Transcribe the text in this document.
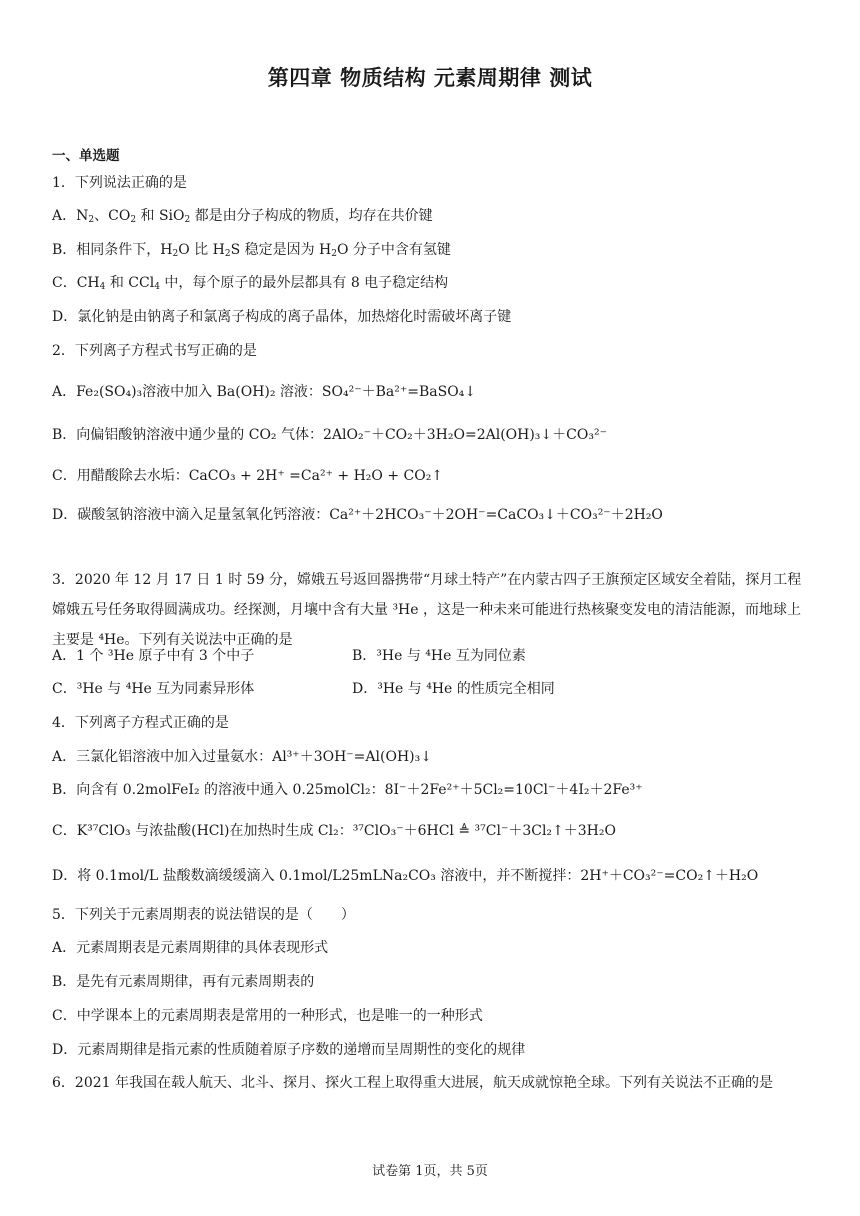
第四章 物质结构 元素周期律 测试
一、单选题
1．下列说法正确的是
A．$N_2$、$CO_2$ 和 SiO$_2$ 都是由分子构成的物质，均存在共价键
B．相同条件下，$H_2O$ 比 $H_2S$ 稳定是因为 $H_2O$ 分子中含有氢键
C．$CH_4$ 和 CCl$_4$ 中，每个原子的最外层都具有 8 电子稳定结构
D．氯化钠是由钠离子和氯离子构成的离子晶体，加热熔化时需破坏离子键
2．下列离子方程式书写正确的是
A．Fe₂(SO₄)₃溶液中加入 Ba(OH)₂ 溶液：SO₄²⁻＋Ba²⁺=BaSO₄↓
B．向偏铝酸钠溶液中通少量的 CO₂ 气体：2AlO₂⁻＋CO₂＋3H₂O=2Al(OH)₃↓＋CO₃²⁻
C．用醋酸除去水垢：CaCO₃ + 2H⁺ =Ca²⁺ + H₂O + CO₂↑
D．碳酸氢钠溶液中滴入足量氢氧化钙溶液：Ca²⁺＋2HCO₃⁻＋2OH⁻=CaCO₃↓＋CO₃²⁻＋2H₂O
3．2020 年 12 月 17 日 1 时 59 分，嫦娥五号返回器携带“月球土特产”在内蒙古四子王旗预定区域安全着陆，探月工程嫦娥五号任务取得圆满成功。经探测，月壤中含有大量 ³He ，这是一种未来可能进行热核聚变发电的清洁能源，而地球上主要是 ⁴He。下列有关说法中正确的是
A．1 个 ³He 原子中有 3 个中子	B．³He 与 ⁴He 互为同位素
C．³He 与 ⁴He 互为同素异形体	D．³He 与 ⁴He 的性质完全相同
4．下列离子方程式正确的是
A．三氯化铝溶液中加入过量氨水：Al³⁺＋3OH⁻=Al(OH)₃↓
B．向含有 0.2molFeI₂ 的溶液中通入 0.25molCl₂：8I⁻＋2Fe²⁺＋5Cl₂=10Cl⁻＋4I₂＋2Fe³⁺
C．K³⁷ClO₃ 与浓盐酸(HCl)在加热时生成 Cl₂：³⁷ClO₃⁻＋6HCl ≜ ³⁷Cl⁻＋3Cl₂↑＋3H₂O
D．将 0.1mol/L 盐酸数滴缓缓滴入 0.1mol/L25mLNa₂CO₃ 溶液中，并不断搅拌：2H⁺＋CO₃²⁻=CO₂↑＋H₂O
5．下列关于元素周期表的说法错误的是（　　）
A．元素周期表是元素周期律的具体表现形式
B．是先有元素周期律，再有元素周期表的
C．中学课本上的元素周期表是常用的一种形式，也是唯一的一种形式
D．元素周期律是指元素的性质随着原子序数的递增而呈周期性的变化的规律
6．2021 年我国在载人航天、北斗、探月、探火工程上取得重大进展，航天成就惊艳全球。下列有关说法不正确的是
试卷第 1页，共 5页
